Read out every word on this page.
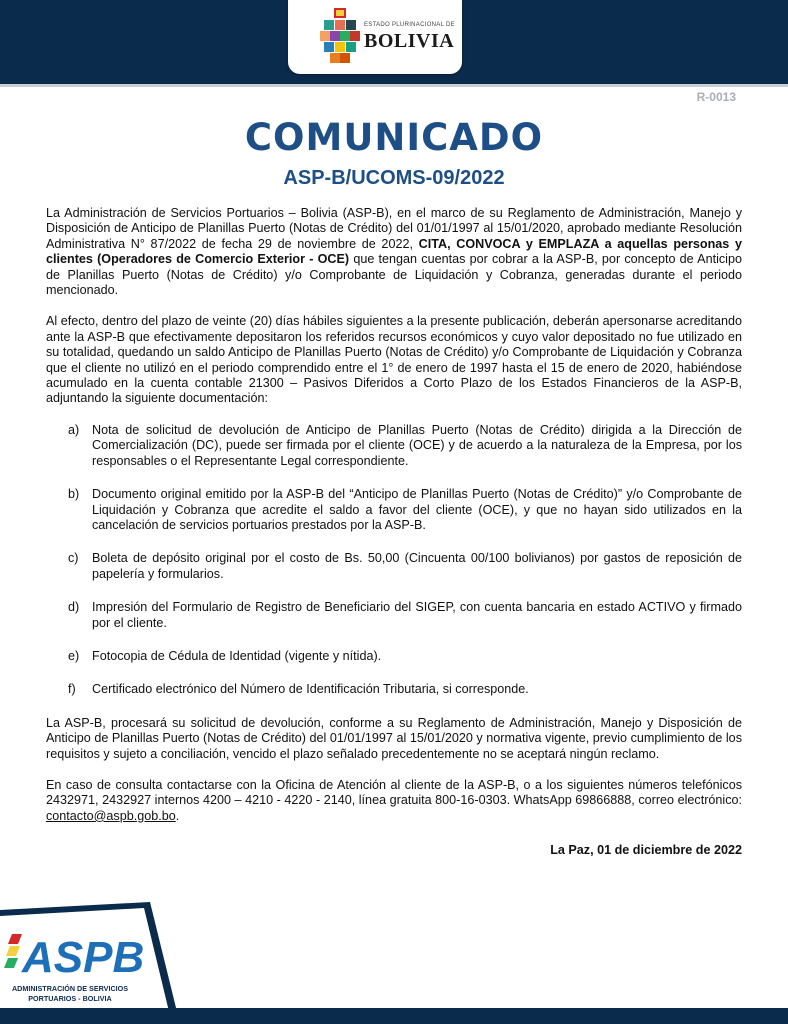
ESTADO PLURINACIONAL DE
BOLIVIA
R-0013
COMUNICADO
ASP-B/UCOMS-09/2022

La Administración de Servicios Portuarios – Bolivia (ASP-B), en el marco de su Reglamento de Administración, Manejo y Disposición de Anticipo de Planillas Puerto (Notas de Crédito) del 01/01/1997 al 15/01/2020, aprobado mediante Resolución Administrativa N° 87/2022 de fecha 29 de noviembre de 2022, CITA, CONVOCA y EMPLAZA a aquellas personas y clientes (Operadores de Comercio Exterior - OCE) que tengan cuentas por cobrar a la ASP-B, por concepto de Anticipo de Planillas Puerto (Notas de Crédito) y/o Comprobante de Liquidación y Cobranza, generadas durante el periodo mencionado.

Al efecto, dentro del plazo de veinte (20) días hábiles siguientes a la presente publicación, deberán apersonarse acreditando ante la ASP-B que efectivamente depositaron los referidos recursos económicos y cuyo valor depositado no fue utilizado en su totalidad, quedando un saldo Anticipo de Planillas Puerto (Notas de Crédito) y/o Comprobante de Liquidación y Cobranza que el cliente no utilizó en el periodo comprendido entre el 1° de enero de 1997 hasta el 15 de enero de 2020, habiéndose acumulado en la cuenta contable 21300 – Pasivos Diferidos a Corto Plazo de los Estados Financieros de la ASP-B, adjuntando la siguiente documentación:

a) Nota de solicitud de devolución de Anticipo de Planillas Puerto (Notas de Crédito) dirigida a la Dirección de Comercialización (DC), puede ser firmada por el cliente (OCE) y de acuerdo a la naturaleza de la Empresa, por los responsables o el Representante Legal correspondiente.
b) Documento original emitido por la ASP-B del “Anticipo de Planillas Puerto (Notas de Crédito)” y/o Comprobante de Liquidación y Cobranza que acredite el saldo a favor del cliente (OCE), y que no hayan sido utilizados en la cancelación de servicios portuarios prestados por la ASP-B.
c) Boleta de depósito original por el costo de Bs. 50,00 (Cincuenta 00/100 bolivianos) por gastos de reposición de papelería y formularios.
d) Impresión del Formulario de Registro de Beneficiario del SIGEP, con cuenta bancaria en estado ACTIVO y firmado por el cliente.
e) Fotocopia de Cédula de Identidad (vigente y nítida).
f) Certificado electrónico del Número de Identificación Tributaria, si corresponde.

La ASP-B, procesará su solicitud de devolución, conforme a su Reglamento de Administración, Manejo y Disposición de Anticipo de Planillas Puerto (Notas de Crédito) del 01/01/1997 al 15/01/2020 y normativa vigente, previo cumplimiento de los requisitos y sujeto a conciliación, vencido el plazo señalado precedentemente no se aceptará ningún reclamo.

En caso de consulta contactarse con la Oficina de Atención al cliente de la ASP-B, o a los siguientes números telefónicos 2432971, 2432927 internos 4200 – 4210 - 4220 - 2140, línea gratuita 800-16-0303. WhatsApp 69866888, correo electrónico: contacto@aspb.gob.bo.

La Paz, 01 de diciembre de 2022
ASPB
ADMINISTRACIÓN DE SERVICIOS
PORTUARIOS - BOLIVIA
